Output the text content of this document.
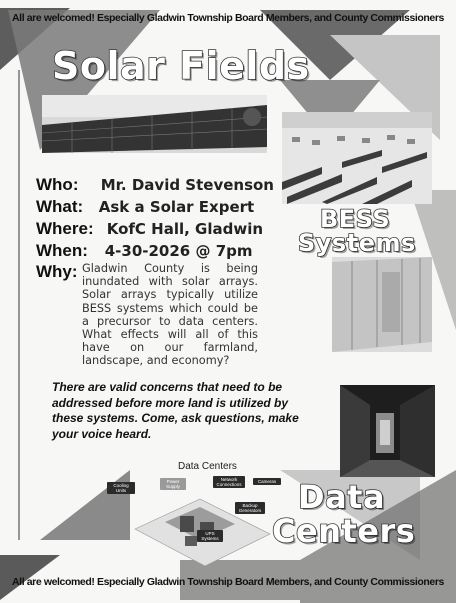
All are welcomed! Especially Gladwin Township Board Members, and County Commissioners
Solar Fields
Who: Mr. David Stevenson
What: Ask a Solar Expert
Where: KofC Hall, Gladwin
When: 4-30-2026 @ 7pm
Why: Gladwin County is being inundated with solar arrays. Solar arrays typically utilize BESS systems which could be a precursor to data centers. What effects will all of this have on our farmland, landscape, and economy?
BESS
Systems
There are valid concerns that need to be addressed before more land is utilized by these systems. Come, ask questions, make your voice heard.
Data Centers
Cooling Units
Power Supply
Network Connections
Cameras
Backup Generators
UPS Systems
Data
Centers
All are welcomed! Especially Gladwin Township Board Members, and County Commissioners
